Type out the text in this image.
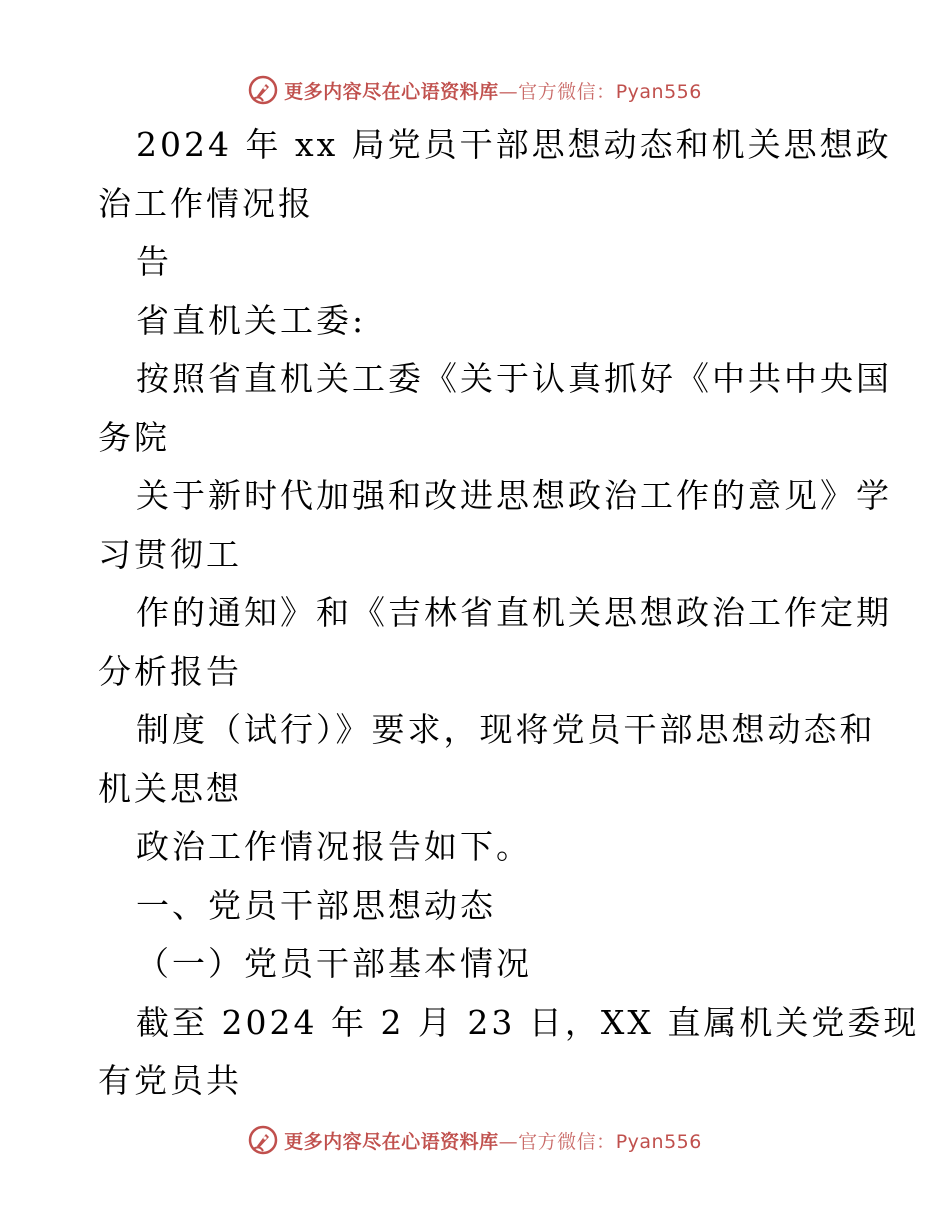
更多内容尽在心语资料库—官方微信：Pyan556
2024 年 xx 局党员干部思想动态和机关思想政
治工作情况报
告
省直机关工委:
按照省直机关工委《关于认真抓好《中共中央国
务院
关于新时代加强和改进思想政治工作的意见》学
习贯彻工
作的通知》和《吉林省直机关思想政治工作定期
分析报告
制度（试行）》要求，现将党员干部思想动态和
机关思想
政治工作情况报告如下。
一、党员干部思想动态
（一）党员干部基本情况
截至 2024 年 2 月 23 日，XX 直属机关党委现
有党员共
更多内容尽在心语资料库—官方微信：Pyan556
